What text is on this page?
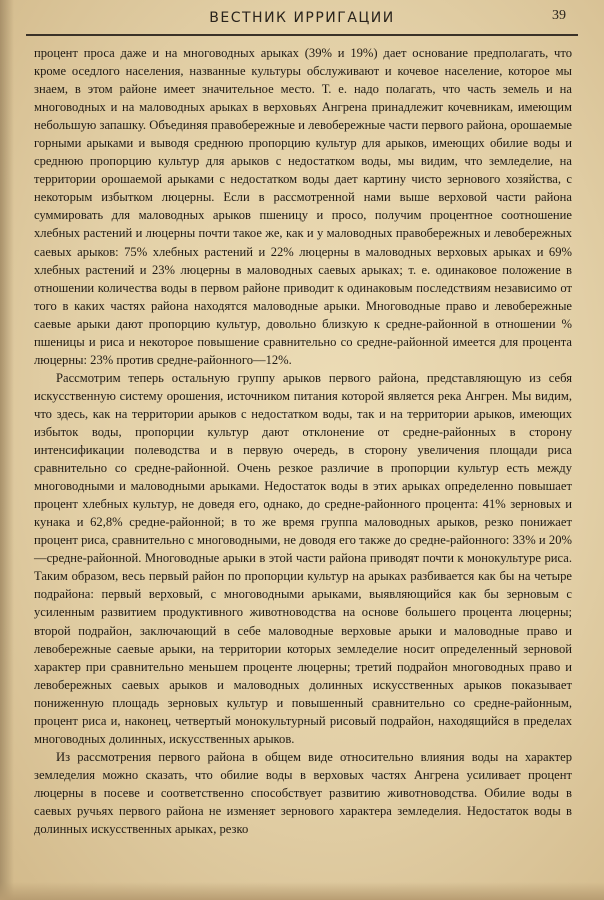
ВЕСТНИК ИРРИГАЦИИ	39

процент проса даже и на многоводных арыках (39% и 19%) дает основание предполагать, что кроме оседлого населения, названные культуры обслуживают и кочевое население, которое мы знаем, в этом районе имеет значительное место. Т. е. надо полагать, что часть земель и на многоводных и на маловодных арыках в верховьях Ангрена принадлежит кочевникам, имеющим небольшую запашку. Объединяя правобережные и левобережные части первого района, орошаемые горными арыками и выводя среднюю пропорцию культур для арыков, имеющих обилие воды и среднюю пропорцию культур для арыков с недостатком воды, мы видим, что земледелие, на территории орошаемой арыками с недостатком воды дает картину чисто зернового хозяйства, с некоторым избытком люцерны. Если в рассмотренной нами выше верховой части района суммировать для маловодных арыков пшеницу и просо, получим процентное соотношение хлебных растений и люцерны почти такое же, как и у маловодных правобережных и левобережных саевых арыков: 75% хлебных растений и 22% люцерны в маловодных верховых арыках и 69% хлебных растений и 23% люцерны в маловодных саевых арыках; т. е. одинаковое положение в отношении количества воды в первом районе приводит к одинаковым последствиям независимо от того в каких частях района находятся маловодные арыки. Многоводные право и левобережные саевые арыки дают пропорцию культур, довольно близкую к средне-районной в отношении % пшеницы и риса и некоторое повышение сравнительно со средне-районной имеется для процента люцерны: 23% против средне-районного—12%.

Рассмотрим теперь остальную группу арыков первого района, представляющую из себя искусственную систему орошения, источником питания которой является река Ангрен. Мы видим, что здесь, как на территории арыков с недостатком воды, так и на территории арыков, имеющих избыток воды, пропорции культур дают отклонение от средне-районных в сторону интенсификации полеводства и в первую очередь, в сторону увеличения площади риса сравнительно со средне-районной. Очень резкое различие в пропорции культур есть между многоводными и маловодными арыками. Недостаток воды в этих арыках определенно повышает процент хлебных культур, не доведя его, однако, до средне-районного процента: 41% зерновых и кунака и 62,8% средне-районной; в то же время группа маловодных арыков, резко понижает процент риса, сравнительно с многоводными, не доводя его также до средне-районного: 33% и 20%—средне-районной. Многоводные арыки в этой части района приводят почти к монокультуре риса. Таким образом, весь первый район по пропорции культур на арыках разбивается как бы на четыре подрайона: первый верховый, с многоводными арыками, выявляющийся как бы зерновым с усиленным развитием продуктивного животноводства на основе большего процента люцерны; второй подрайон, заключающий в себе маловодные верховые арыки и маловодные право и левобережные саевые арыки, на территории которых земледелие носит определенный зерновой характер при сравнительно меньшем проценте люцерны; третий подрайон многоводных право и левобережных саевых арыков и маловодных долинных искусственных арыков показывает пониженную площадь зерновых культур и повышенный сравнительно со средне-районным, процент риса и, наконец, четвертый монокультурный рисовый подрайон, находящийся в пределах многоводных долинных, искусственных арыков.

Из рассмотрения первого района в общем виде относительно влияния воды на характер земледелия можно сказать, что обилие воды в верховых частях Ангрена усиливает процент люцерны в посеве и соответственно способствует развитию животноводства. Обилие воды в саевых ручьях первого района не изменяет зернового характера земледелия. Недостаток воды в долинных искусственных арыках, резко
